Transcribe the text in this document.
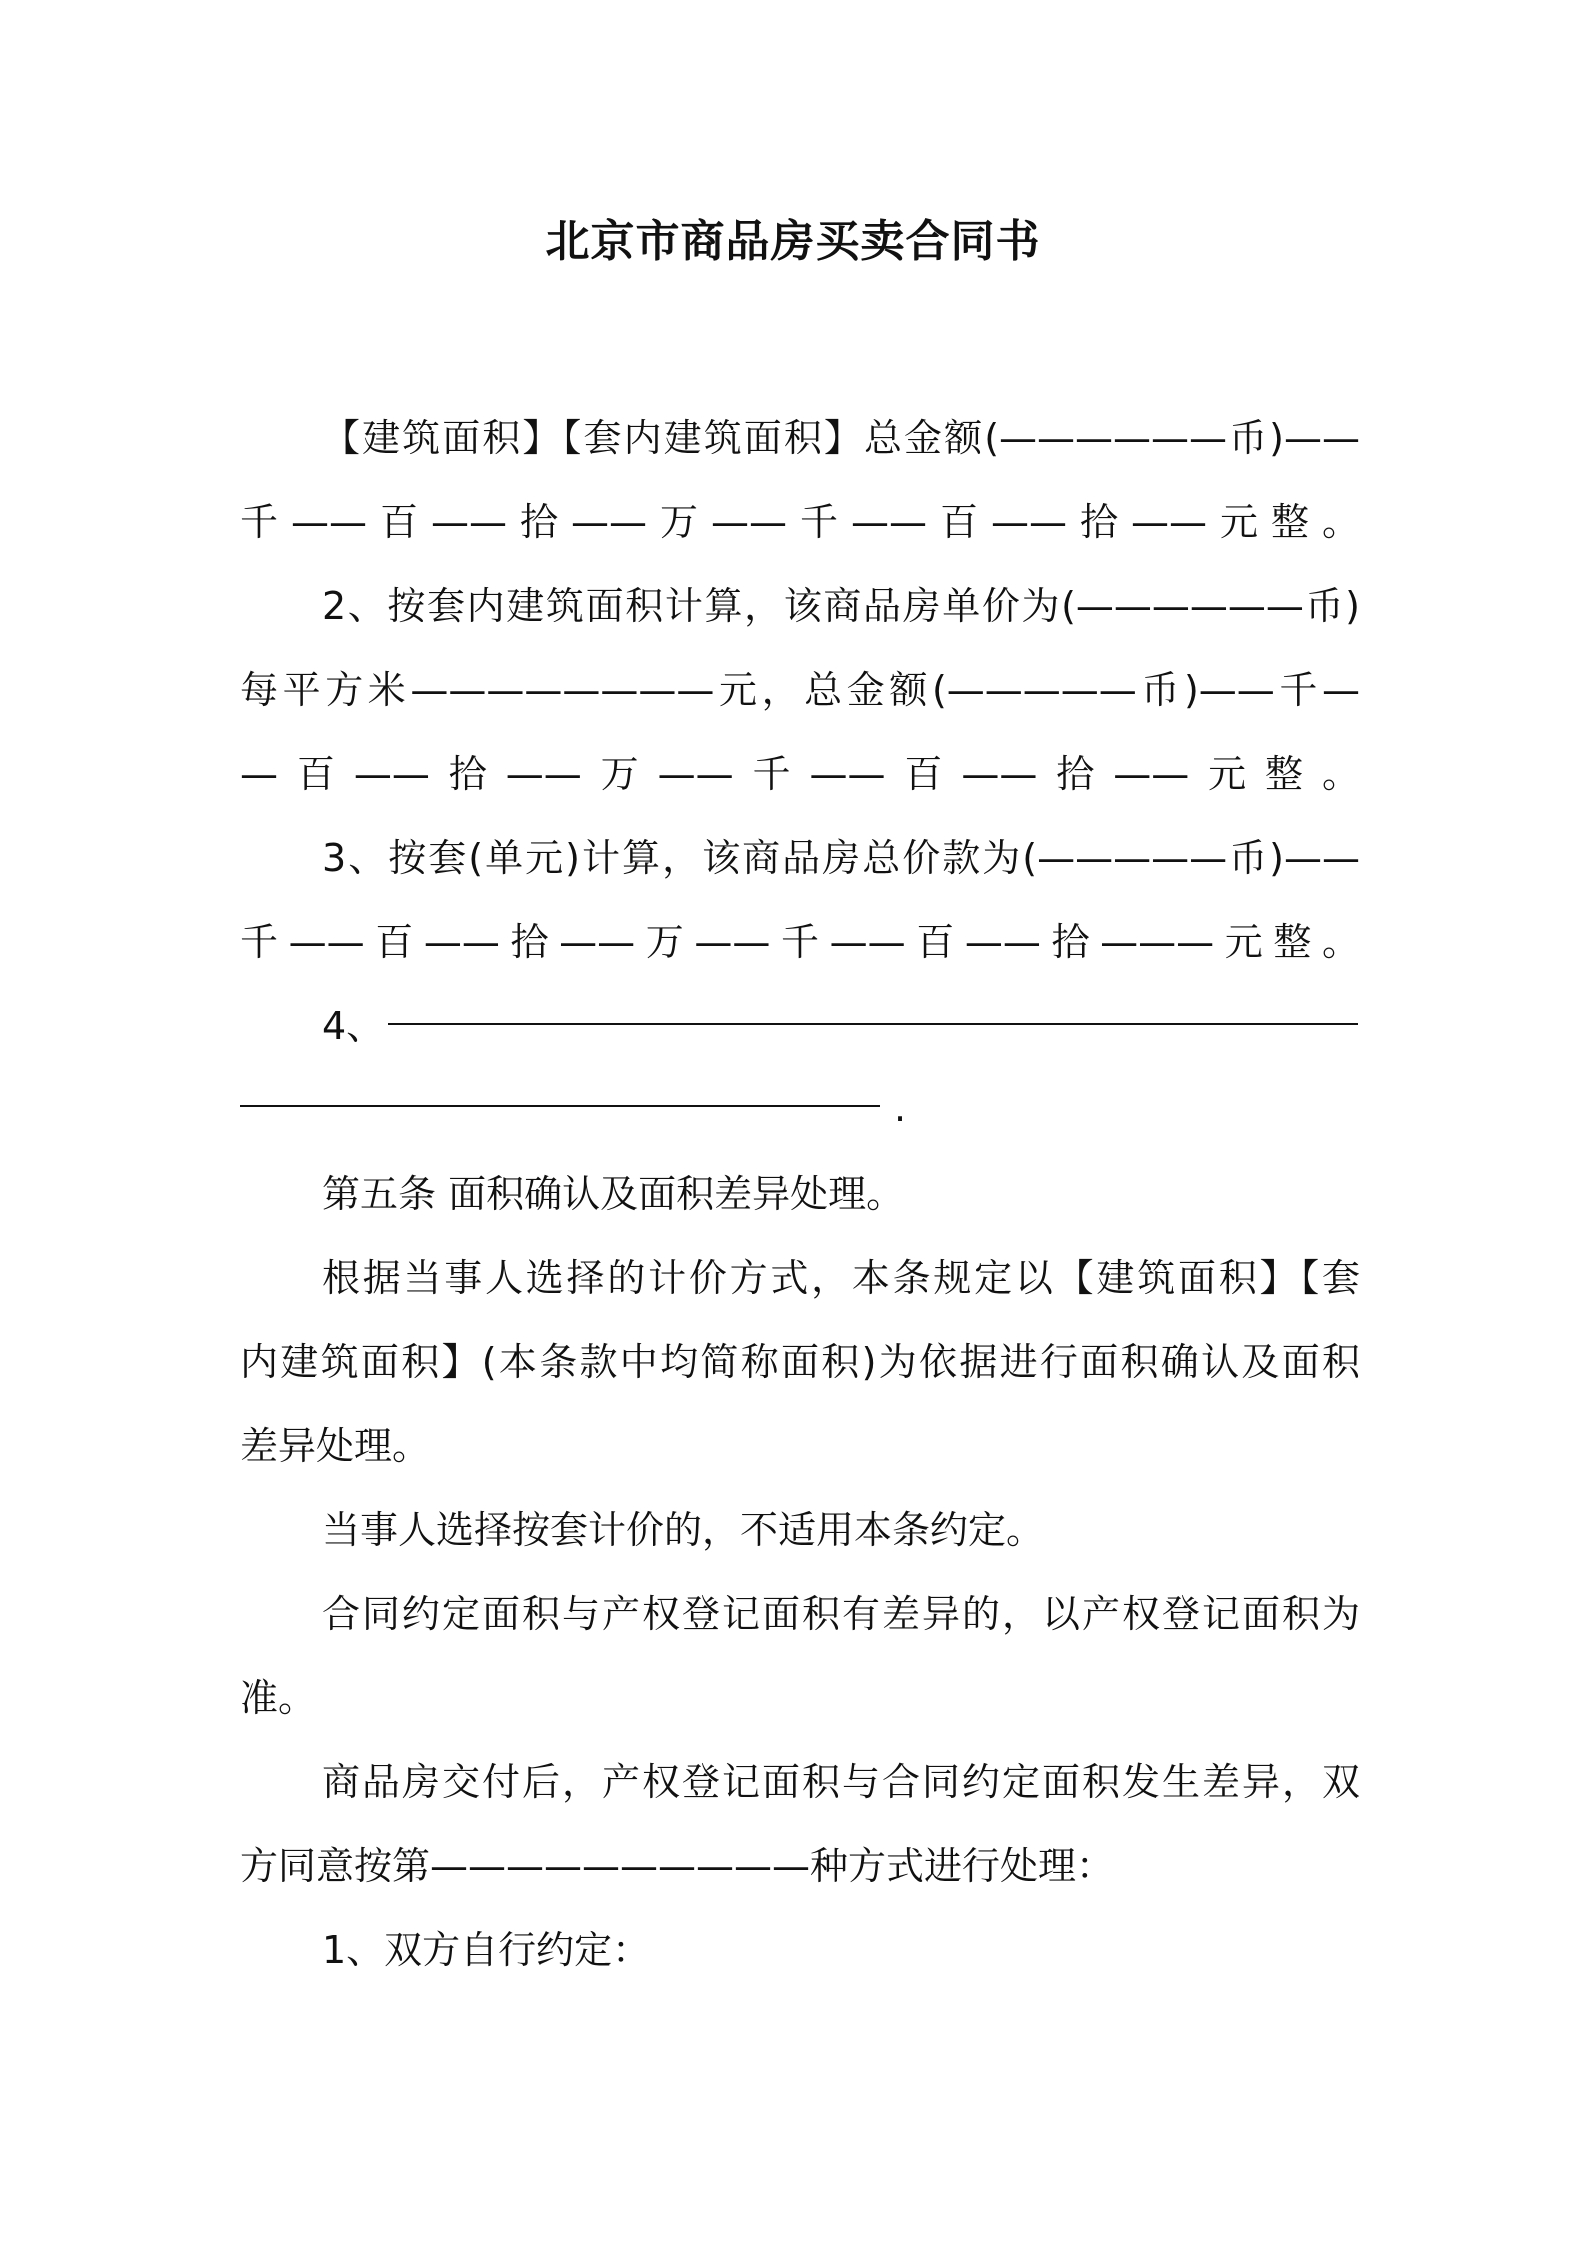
北京市商品房买卖合同书
【建筑面积】【套内建筑面积】总金额(——————币)——
千——百——拾——万——千——百——拾——元整。
2、按套内建筑面积计算，该商品房单价为(——————币)
每平方米————————元，总金额(—————币)——千—
—百——拾——万——千——百——拾——元整。
3、按套(单元)计算，该商品房总价款为(—————币)——
千——百——拾——万——千——百——拾———元整。
4、
.
第五条 面积确认及面积差异处理。
根据当事人选择的计价方式，本条规定以【建筑面积】【套
内建筑面积】(本条款中均简称面积)为依据进行面积确认及面积
差异处理。
当事人选择按套计价的，不适用本条约定。
合同约定面积与产权登记面积有差异的，以产权登记面积为
准。
商品房交付后，产权登记面积与合同约定面积发生差异，双
方同意按第——————————种方式进行处理：
1、双方自行约定：
